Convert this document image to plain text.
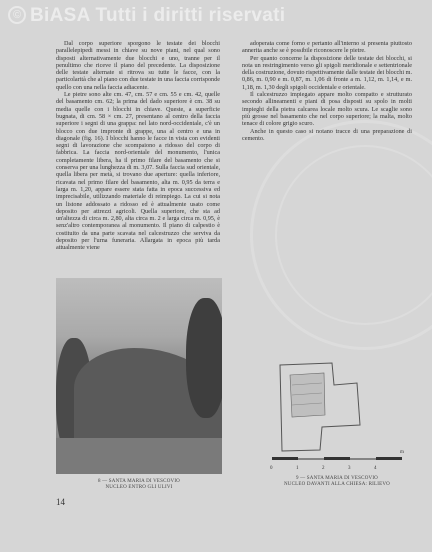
© BiASA Tutti i diritti riservati

Dal corpo superiore sporgono le testate dei blocchi parallelepipedi messi in chiave su nove piani, nel qual sono disposti alternativamente due blocchi e uno, tranne per il penultimo che riceve il piano del precedente. La disposizione delle testate alternate si ritrova su tutte le facce, con la particolarità che al piano con due testate in una faccia corrisponde quello con una nella faccia adiacente.

Le pietre sono alte cm. 47, cm. 57 e cm. 55 e cm. 42, quelle del basamento cm. 62; la prima del dado superiore è cm. 38 su media quelle con i blocchi in chiave. Queste, a superficie bugnata, di cm. 58 × cm. 27, presentano al centro della faccia superiore i segni di una grappa: nel lato nord-occidentale, c'è un blocco con due impronte di grappe, una al centro e una in diagonale (fig. 16). I blocchi hanno le facce in vista con evidenti segni di lavorazione che scompaiono a ridosso del corpo di fabbrica. La faccia nord-orientale del monumento, l'unica completamente libera, ha il primo filare del basamento che si conserva per una lunghezza di m. 3,07. Sulla faccia sud orientale, quella libera per metà, si trovano due aperture: quella inferiore, ricavata nel primo filare del basamento, alta m. 0,95 da terra e larga m. 1,20, appare essere stata fatta in epoca successiva ed imprecisabile, utilizzando materiale di reimpiego. La cui si nota un listone addossato a ridosso ed è attualmente usato come deposito per attrezzi agricoli. Quella superiore, che sta ad un'altezza di circa m. 2,80, alta circa m. 2 e larga circa m. 0,95, è senz'altro contemporanea al monumento. Il piano di calpestio è costituito da una parte scavata nel calcestruzzo che serviva da deposito per l'urna funeraria. Allargata in epoca più tarda attualmente viene

adoperata come forno e pertanto all'interno si presenta piuttosto annerita anche se è possibile riconoscere le pietre.

Per quanto concerne la disposizione delle testate dei blocchi, si nota un restringimento verso gli spigoli meridionale e settentrionale della costruzione, dovuto rispettivamente dalle testate dei blocchi m. 0,86, m. 0,90 e m. 0,87, m. 1,06 di fronte a m. 1,12, m. 1,14, e m. 1,18, m. 1,30 degli spigoli occidentale e orientale.

Il calcestruzzo impiegato appare molto compatto e strutturato secondo allineamenti e piani di posa disposti su spolo in molti impieghi della pietra calcarea locale molto scura. Le scaglie sono più grosse nel basamento che nel corpo superiore; la malta, molto tenace di colore grigio scuro.

Anche in questo caso si notano tracce di una preparazione di cemento.

8 — SANTA MARIA DI VESCOVIO
NUCLEO ENTRO GLI ULIVI
0	1	2	3	4
m
9 — SANTA MARIA DI VESCOVIO
NUCLEO DAVANTI ALLA CHIESA: RILIEVO
14
